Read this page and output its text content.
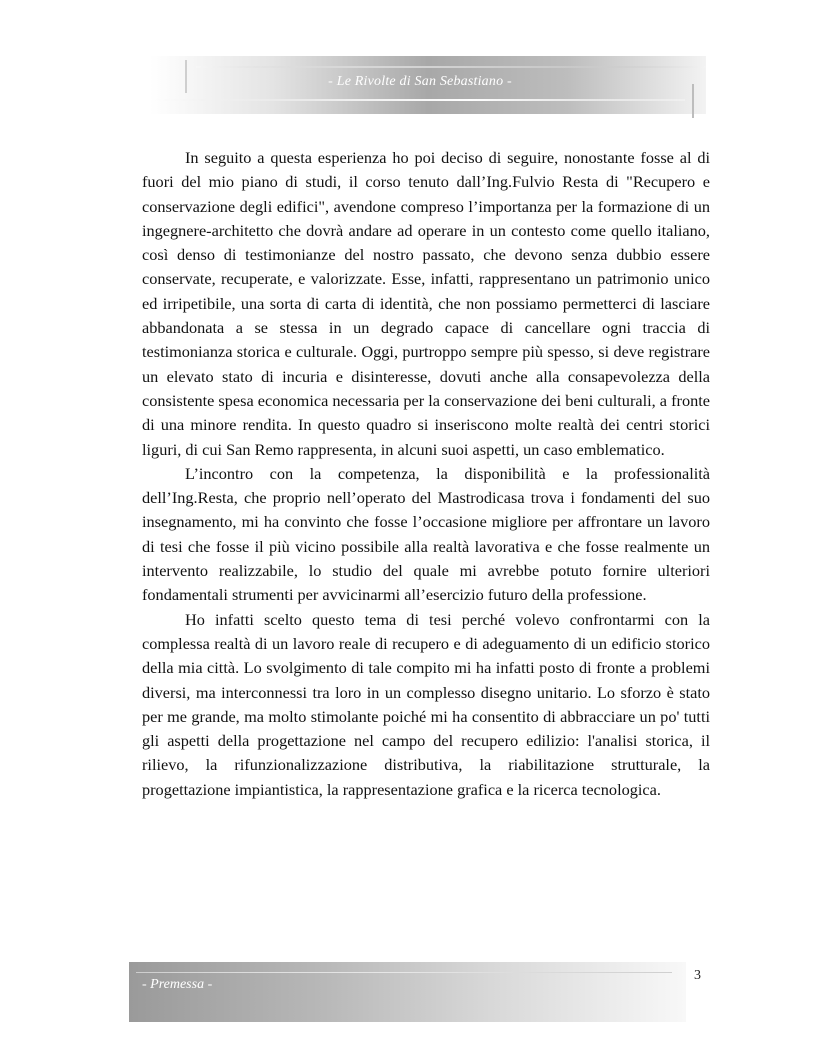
- Le Rivolte di San Sebastiano -

In seguito a questa esperienza ho poi deciso di seguire, nonostante fosse al di fuori del mio piano di studi, il corso tenuto dall’Ing.Fulvio Resta di "Recupero e conservazione degli edifici", avendone compreso l’importanza per la formazione di un ingegnere-architetto che dovrà andare ad operare in un contesto come quello italiano, così denso di testimonianze del nostro passato, che devono senza dubbio essere conservate, recuperate, e valorizzate. Esse, infatti, rappresentano un patrimonio unico ed irripetibile, una sorta di carta di identità, che non possiamo permetterci di lasciare abbandonata a se stessa in un degrado capace di cancellare ogni traccia di testimonianza storica e culturale. Oggi, purtroppo sempre più spesso, si deve registrare un elevato stato di incuria e disinteresse, dovuti anche alla consapevolezza della consistente spesa economica necessaria per la conservazione dei beni culturali, a fronte di una minore rendita. In questo quadro si inseriscono molte realtà dei centri storici liguri, di cui San Remo rappresenta, in alcuni suoi aspetti, un caso emblematico.

L’incontro con la competenza, la disponibilità e la professionalità dell’Ing.Resta, che proprio nell’operato del Mastrodicasa trova i fondamenti del suo insegnamento, mi ha convinto che fosse l’occasione migliore per affrontare un lavoro di tesi che fosse il più vicino possibile alla realtà lavorativa e che fosse realmente un intervento realizzabile, lo studio del quale mi avrebbe potuto fornire ulteriori fondamentali strumenti per avvicinarmi all’esercizio futuro della professione.

Ho infatti scelto questo tema di tesi perché volevo confrontarmi con la complessa realtà di un lavoro reale di recupero e di adeguamento di un edificio storico della mia città. Lo svolgimento di tale compito mi ha infatti posto di fronte a problemi diversi, ma interconnessi tra loro in un complesso disegno unitario. Lo sforzo è stato per me grande, ma molto stimolante poiché mi ha consentito di abbracciare un po' tutti gli aspetti della progettazione nel campo del recupero edilizio: l'analisi storica, il rilievo, la rifunzionalizzazione distributiva, la riabilitazione strutturale, la progettazione impiantistica, la rappresentazione grafica e la ricerca tecnologica.

- Premessa -
3
